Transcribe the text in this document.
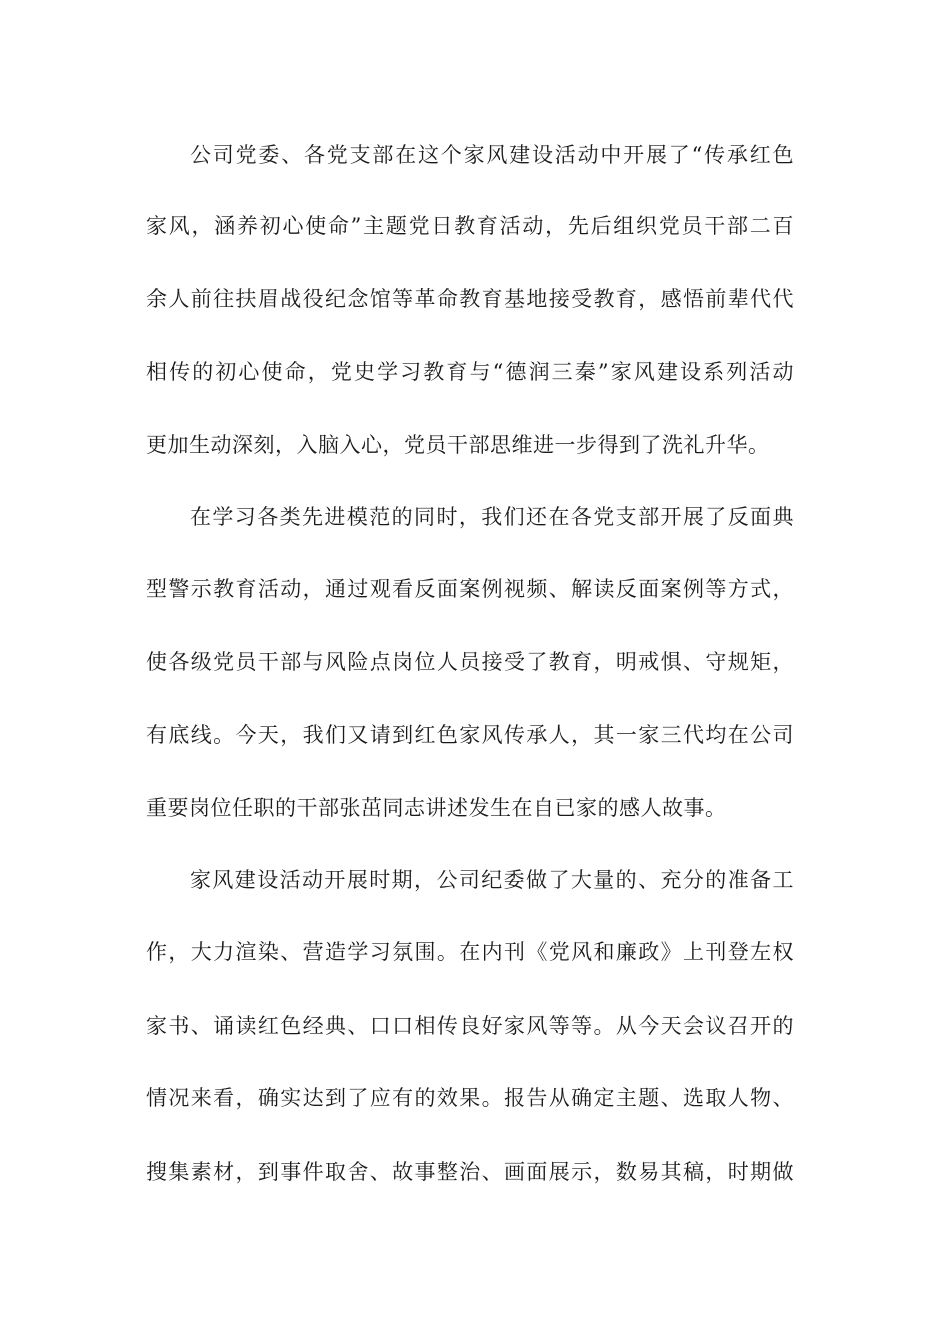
公司党委、各党支部在这个家风建设活动中开展了“传承红色
家风，涵养初心使命”主题党日教育活动，先后组织党员干部二百
余人前往扶眉战役纪念馆等革命教育基地接受教育，感悟前辈代代
相传的初心使命，党史学习教育与“德润三秦”家风建设系列活动
更加生动深刻，入脑入心，党员干部思维进一步得到了洗礼升华。
在学习各类先进模范的同时，我们还在各党支部开展了反面典
型警示教育活动，通过观看反面案例视频、解读反面案例等方式，
使各级党员干部与风险点岗位人员接受了教育，明戒惧、守规矩，
有底线。今天，我们又请到红色家风传承人，其一家三代均在公司
重要岗位任职的干部张茁同志讲述发生在自已家的感人故事。
家风建设活动开展时期，公司纪委做了大量的、充分的准备工
作，大力渲染、营造学习氛围。在内刊《党风和廉政》上刊登左权
家书、诵读红色经典、口口相传良好家风等等。从今天会议召开的
情况来看，确实达到了应有的效果。报告从确定主题、选取人物、
搜集素材，到事件取舍、故事整治、画面展示，数易其稿，时期做
